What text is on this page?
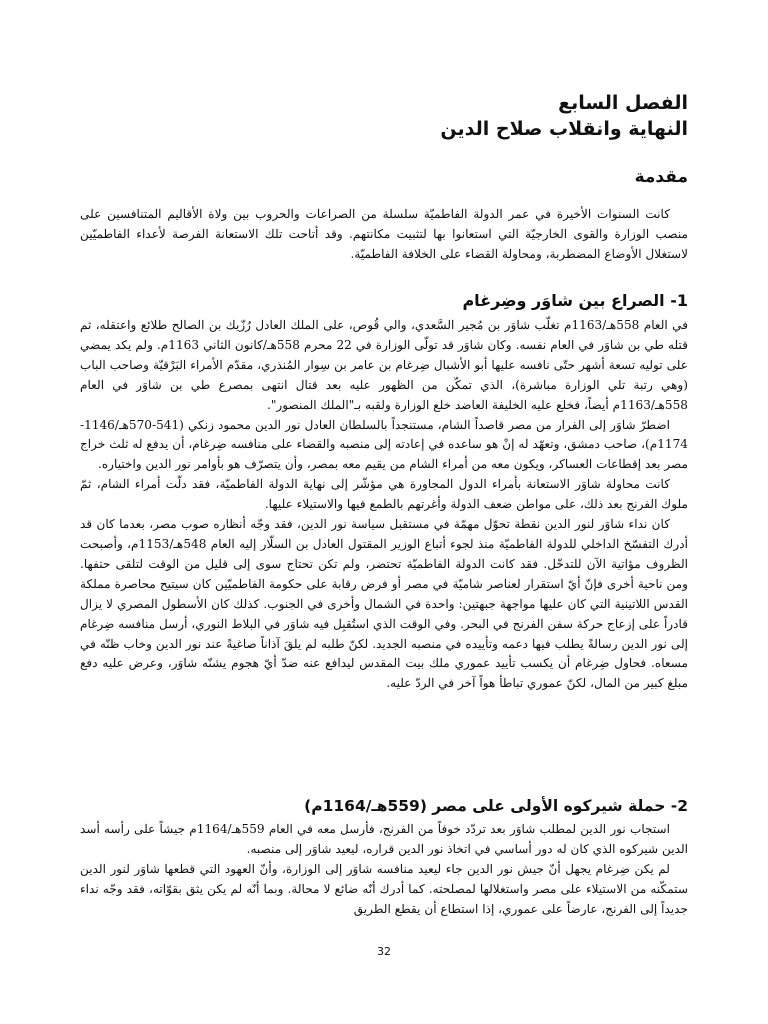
الفصل السابع
النهاية وانقلاب صلاح الدين
مقدمة

كانت السنوات الأخيرة في عمر الدولة الفاطميّة سلسلة من الصراعات والحروب بين ولاة الأقاليم المتنافسين على منصب الوزارة والقوى الخارجيّة التي استعانوا بها لتثبيت مكانتهم. وقد أتاحت تلك الاستعانة الفرصة لأعداء الفاطميّين لاستغلال الأوضاع المضطربة، ومحاولة القضاء على الخلافة الفاطميّة.

1- الصراع بين شاوَر وضِرغام

في العام 558هـ/1163م تغلّب شاوَر بن مُجير السَّعدي، والي قُوص، على الملك العادل رُزّيك بن الصالح طلائع واعتقله، ثم قتله طي بن شاوَر في العام نفسه. وكان شاوَر قد تولّى الوزارة في 22 محرم 558هـ/كانون الثاني 1163م. ولم يكد يمضي على توليه تسعة أشهر حتّى نافسه عليها أبو الأشبال ضِرغام بن عامر بن سِوار المُنذري، مقدّم الأمراء البَرْقيّة وصاحب الباب (وهي رتبة تلي الوزارة مباشرة)، الذي تمكّن من الظهور عليه بعد قتال انتهى بمصرع طي بن شاوَر في العام 558هـ/1163م أيضاً، فخلع عليه الخليفة العاضد خلع الوزارة ولقبه بـ"الملك المنصور".

اضطرّ شاوَر إلى الفرار من مصر قاصداً الشام، مستنجداً بالسلطان العادل نور الدين محمود زنكي (541-570هـ/1146-1174م)، صاحب دمشق، وتعهّد له إنْ هو ساعده في إعادته إلى منصبه والقضاء على منافسه ضِرغام، أن يدفع له ثلث خراج مصر بعد إقطاعات العساكر، ويكون معه من أمراء الشام من يقيم معه بمصر، وأن يتصرّف هو بأوامر نور الدين واختياره.

كانت محاولة شاوَر الاستعانة بأمراء الدول المجاورة هي مؤشّر إلى نهاية الدولة الفاطميّة، فقد دلّت أمراء الشام، ثمّ ملوك الفرنج بعد ذلك، على مواطن ضعف الدولة وأغرتهم بالطمع فيها والاستيلاء عليها.

كان نداء شاوَر لنور الدين نقطة تحوّل مهمّة في مستقبل سياسة نور الدين، فقد وجّه أنظاره صوب مصر، بعدما كان قد أدرك التفسّخ الداخلي للدولة الفاطميّة منذ لجوء أتباع الوزير المقتول العادل بن السلّار إليه العام 548هـ/1153م، وأصبحت الظروف مؤاتية الآن للتدخّل. فقد كانت الدولة الفاطميّة تحتضر، ولم تكن تحتاج سوى إلى قليل من الوقت لتلقى حتفها. ومن ناحية أخرى فإنّ أيّ استقرار لعناصر شاميّة في مصر أو فرض رقابة على حكومة الفاطميّين كان سيتيح محاصرة مملكة القدس اللاتينية التي كان عليها مواجهة جبهتين: واحدة في الشمال وأخرى في الجنوب. كذلك كان الأسطول المصري لا يزال قادراً على إزعاج حركة سفن الفرنج في البحر. وفي الوقت الذي استُقبِل فيه شاوَر في البلاط النوري، أرسل منافسه ضِرغام إلى نور الدين رسالةً يطلب فيها دعمه وتأييده في منصبه الجديد. لكنّ طلبه لم يلقَ آذاناً صاغيةً عند نور الدين وخاب ظنّه في مسعاه. فحاول ضِرغام أن يكسب تأييد عموري ملك بيت المقدس ليدافع عنه ضدّ أيّ هجوم يشنّه شاوَر، وعرض عليه دفع مبلغ كبير من المال، لكنّ عموري تباطأ هواً آخر في الردّ عليه.

2- حملة شيركوه الأولى على مصر (559هـ/1164م)

استجاب نور الدين لمطلب شاوَر بعد تردّد خوفاً من الفرنج، فأرسل معه في العام 559هـ/1164م جيشاً على رأسه أسد الدين شيركوه الذي كان له دور أساسي في اتخاذ نور الدين قراره، ليعيد شاوَر إلى منصبه.

لم يكن ضِرغام يجهل أنّ جيش نور الدين جاء ليعيد منافسه شاوَر إلى الوزارة، وأنّ العهود التي قطعها شاوَر لنور الدين ستمكّنه من الاستيلاء على مصر واستغلالها لمصلحته. كما أدرك أنّه ضائع لا محالة. وبما أنّه لم يكن يثق بقوّاته، فقد وجّه نداء جديداً إلى الفرنج، عارضاً على عموري، إذا استطاع أن يقطع الطريق

32
